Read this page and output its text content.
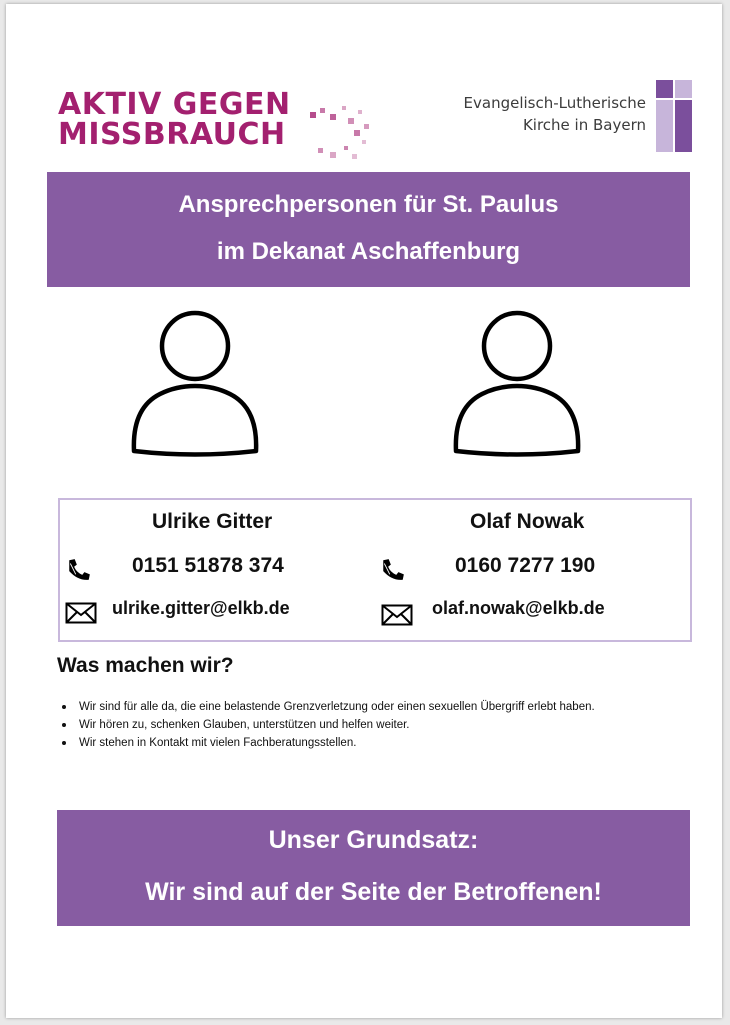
AKTIV GEGEN
MISSBRAUCH
Evangelisch-Lutherische
Kirche in Bayern
Ansprechpersonen für St. Paulus
im Dekanat Aschaffenburg
Ulrike Gitter
0151 51878 374
ulrike.gitter@elkb.de
Olaf Nowak
0160 7277 190
olaf.nowak@elkb.de
Was machen wir?
Wir sind für alle da, die eine belastende Grenzverletzung oder einen sexuellen Übergriff erlebt haben.
Wir hören zu, schenken Glauben, unterstützen und helfen weiter.
Wir stehen in Kontakt mit vielen Fachberatungsstellen.
Unser Grundsatz:
Wir sind auf der Seite der Betroffenen!
